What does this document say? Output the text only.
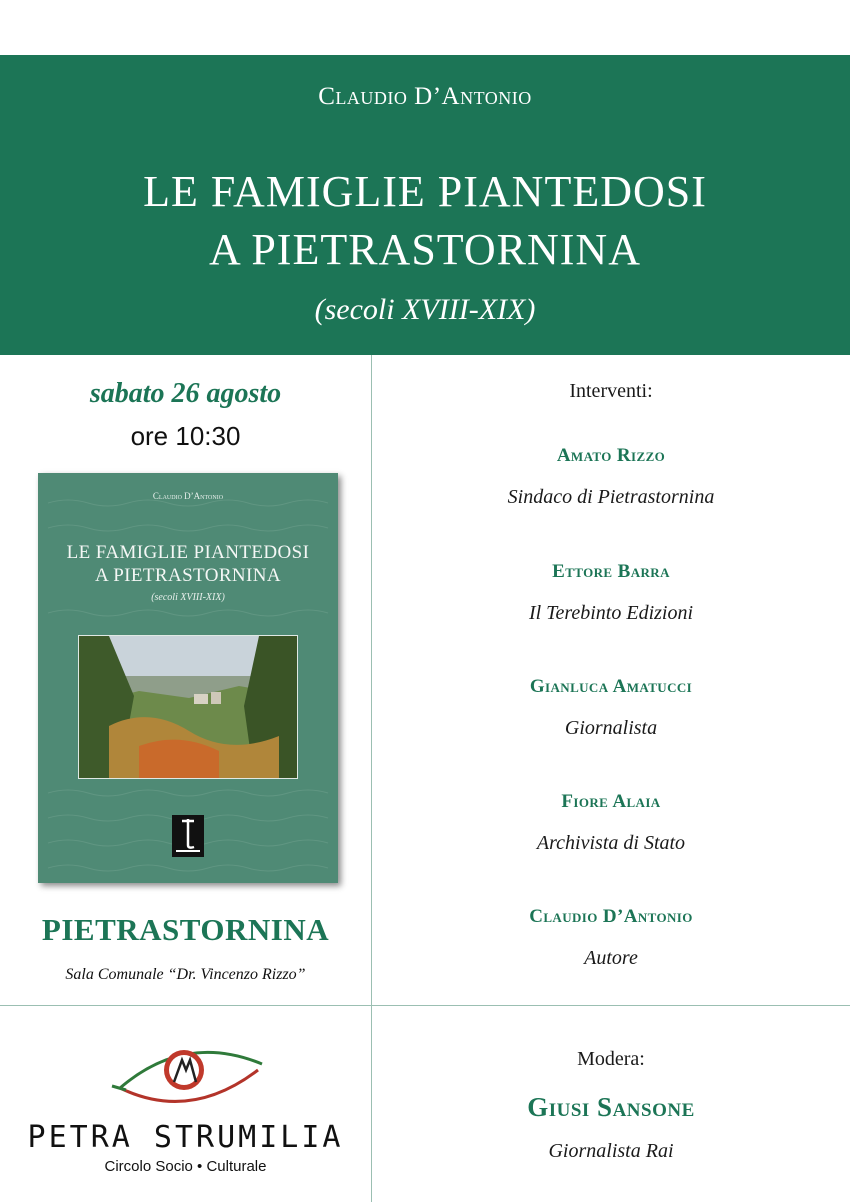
Claudio D’Antonio
LE FAMIGLIE PIANTEDOSI
A PIETRASTORNINA
(secoli XVIII-XIX)
sabato 26 agosto
ore 10:30
Claudio D’Antonio
LE FAMIGLIE PIANTEDOSI
A PIETRASTORNINA
(secoli XVIII-XIX)
PIETRASTORNINA
Sala Comunale “Dr. Vincenzo Rizzo”
Interventi:
Amato Rizzo
Sindaco di Pietrastornina
Ettore Barra
Il Terebinto Edizioni
Gianluca Amatucci
Giornalista
Fiore Alaia
Archivista di Stato
Claudio D’Antonio
Autore
PETRA STRUMILIA
Circolo Socio • Culturale
Modera:
Giusi Sansone
Giornalista Rai
